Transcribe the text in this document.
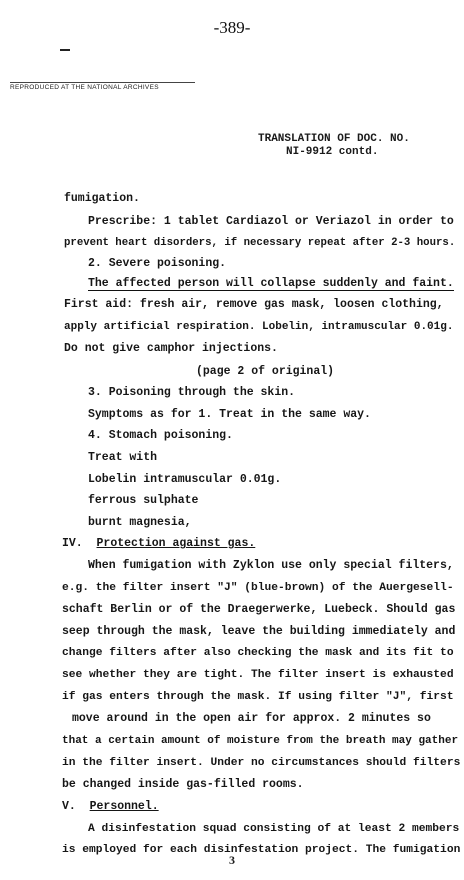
-389-
REPRODUCED AT THE NATIONAL ARCHIVES
TRANSLATION OF DOC. NO.
NI-9912 contd.
fumigation.
Prescribe: 1 tablet Cardiazol or Veriazol in order to
prevent heart disorders, if necessary repeat after 2-3 hours.
2. Severe poisoning.
The affected person will collapse suddenly and faint.
First aid: fresh air, remove gas mask, loosen clothing,
apply artificial respiration. Lobelin, intramuscular 0.01g.
Do not give camphor injections.
(page 2 of original)
3. Poisoning through the skin.
Symptoms as for 1. Treat in the same way.
4. Stomach poisoning.
Treat with
Lobelin intramuscular 0.01g.
ferrous sulphate
burnt magnesia,
IV. Protection against gas.
When fumigation with Zyklon use only special filters,
e.g. the filter insert "J" (blue-brown) of the Auergesell-
schaft Berlin or of the Draegerwerke, Luebeck. Should gas
seep through the mask, leave the building immediately and
change filters after also checking the mask and its fit to
see whether they are tight. The filter insert is exhausted
if gas enters through the mask. If using filter "J", first
move around in the open air for approx. 2 minutes so
that a certain amount of moisture from the breath may gather
in the filter insert. Under no circumstances should filters
be changed inside gas-filled rooms.
V. Personnel.
A disinfestation squad consisting of at least 2 members
is employed for each disinfestation project. The fumigation
3
